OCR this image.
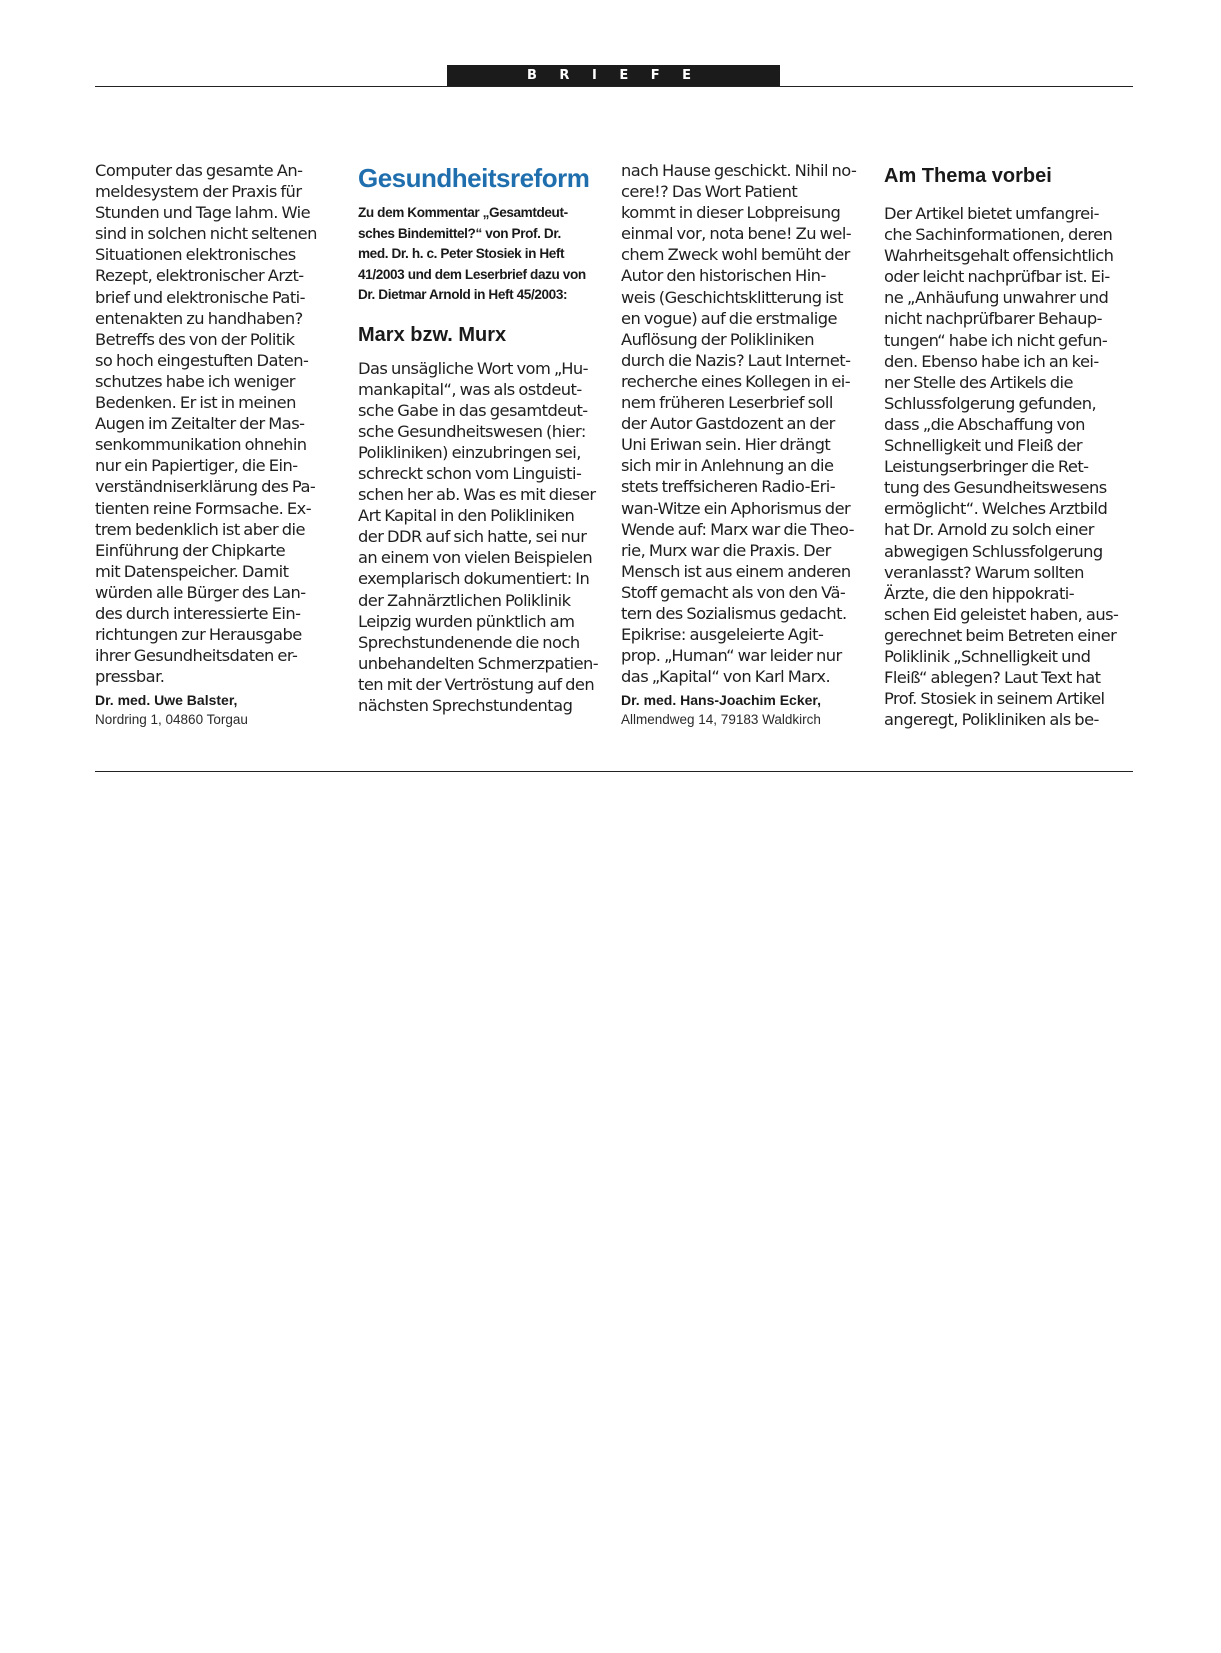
B R I E F E
Computer das gesamte An-
meldesystem der Praxis für
Stunden und Tage lahm. Wie
sind in solchen nicht seltenen
Situationen elektronisches
Rezept, elektronischer Arzt-
brief und elektronische Pati-
entenakten zu handhaben?
Betreffs des von der Politik
so hoch eingestuften Daten-
schutzes habe ich weniger
Bedenken. Er ist in meinen
Augen im Zeitalter der Mas-
senkommunikation ohnehin
nur ein Papiertiger, die Ein-
verständniserklärung des Pa-
tienten reine Formsache. Ex-
trem bedenklich ist aber die
Einführung der Chipkarte
mit Datenspeicher. Damit
würden alle Bürger des Lan-
des durch interessierte Ein-
richtungen zur Herausgabe
ihrer Gesundheitsdaten er-
pressbar.
Dr. med. Uwe Balster,
Nordring 1, 04860 Torgau
Gesundheitsreform
Zu dem Kommentar „Gesamtdeut-
sches Bindemittel?“ von Prof. Dr.
med. Dr. h. c. Peter Stosiek in Heft
41/2003 und dem Leserbrief dazu von
Dr. Dietmar Arnold in Heft 45/2003:
Marx bzw. Murx
Das unsägliche Wort vom „Hu-
mankapital“, was als ostdeut-
sche Gabe in das gesamtdeut-
sche Gesundheitswesen (hier:
Polikliniken) einzubringen sei,
schreckt schon vom Linguisti-
schen her ab. Was es mit dieser
Art Kapital in den Polikliniken
der DDR auf sich hatte, sei nur
an einem von vielen Beispielen
exemplarisch dokumentiert: In
der Zahnärztlichen Poliklinik
Leipzig wurden pünktlich am
Sprechstundenende die noch
unbehandelten Schmerzpatien-
ten mit der Vertröstung auf den
nächsten Sprechstundentag
nach Hause geschickt. Nihil no-
cere!? Das Wort Patient
kommt in dieser Lobpreisung
einmal vor, nota bene! Zu wel-
chem Zweck wohl bemüht der
Autor den historischen Hin-
weis (Geschichtsklitterung ist
en vogue) auf die erstmalige
Auflösung der Polikliniken
durch die Nazis? Laut Internet-
recherche eines Kollegen in ei-
nem früheren Leserbrief soll
der Autor Gastdozent an der
Uni Eriwan sein. Hier drängt
sich mir in Anlehnung an die
stets treffsicheren Radio-Eri-
wan-Witze ein Aphorismus der
Wende auf: Marx war die Theo-
rie, Murx war die Praxis. Der
Mensch ist aus einem anderen
Stoff gemacht als von den Vä-
tern des Sozialismus gedacht.
Epikrise: ausgeleierte Agit-
prop. „Human“ war leider nur
das „Kapital“ von Karl Marx.
Dr. med. Hans-Joachim Ecker,
Allmendweg 14, 79183 Waldkirch
Am Thema vorbei
Der Artikel bietet umfangrei-
che Sachinformationen, deren
Wahrheitsgehalt offensichtlich
oder leicht nachprüfbar ist. Ei-
ne „Anhäufung unwahrer und
nicht nachprüfbarer Behaup-
tungen“ habe ich nicht gefun-
den. Ebenso habe ich an kei-
ner Stelle des Artikels die
Schlussfolgerung gefunden,
dass „die Abschaffung von
Schnelligkeit und Fleiß der
Leistungserbringer die Ret-
tung des Gesundheitswesens
ermöglicht“. Welches Arztbild
hat Dr. Arnold zu solch einer
abwegigen Schlussfolgerung
veranlasst? Warum sollten
Ärzte, die den hippokrati-
schen Eid geleistet haben, aus-
gerechnet beim Betreten einer
Poliklinik „Schnelligkeit und
Fleiß“ ablegen? Laut Text hat
Prof. Stosiek in seinem Artikel
angeregt, Polikliniken als be-
